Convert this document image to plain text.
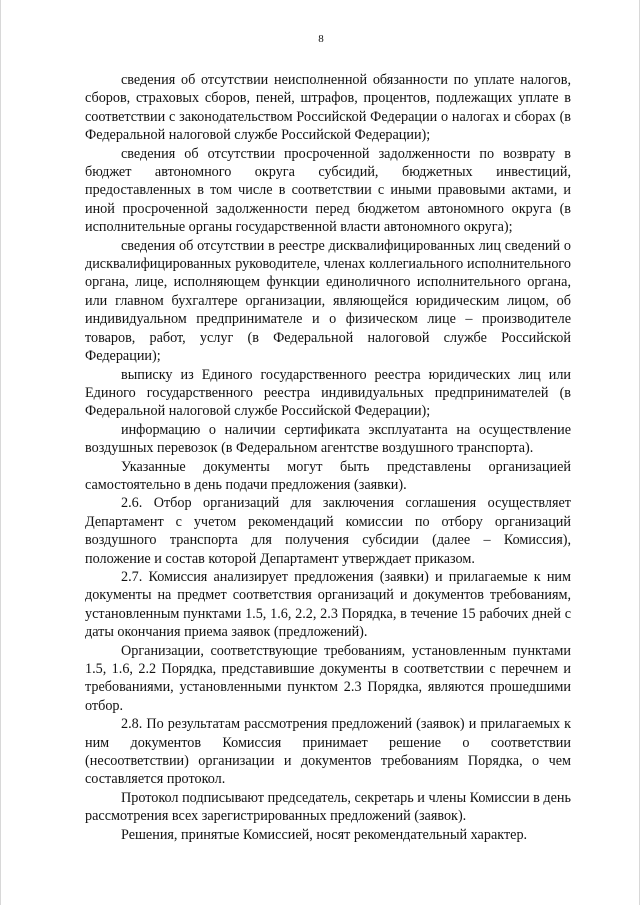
8

сведения об отсутствии неисполненной обязанности по уплате налогов, сборов, страховых сборов, пеней, штрафов, процентов, подлежащих уплате в соответствии с законодательством Российской Федерации о налогах и сборах (в Федеральной налоговой службе Российской Федерации);

сведения об отсутствии просроченной задолженности по возврату в бюджет автономного округа субсидий, бюджетных инвестиций, предоставленных в том числе в соответствии с иными правовыми актами, и иной просроченной задолженности перед бюджетом автономного округа (в исполнительные органы государственной власти автономного округа);

сведения об отсутствии в реестре дисквалифицированных лиц сведений о дисквалифицированных руководителе, членах коллегиального исполнительного органа, лице, исполняющем функции единоличного исполнительного органа, или главном бухгалтере организации, являющейся юридическим лицом, об индивидуальном предпринимателе и о физическом лице – производителе товаров, работ, услуг (в Федеральной налоговой службе Российской Федерации);

выписку из Единого государственного реестра юридических лиц или Единого государственного реестра индивидуальных предпринимателей (в Федеральной налоговой службе Российской Федерации);

информацию о наличии сертификата эксплуатанта на осуществление воздушных перевозок (в Федеральном агентстве воздушного транспорта).

Указанные документы могут быть представлены организацией самостоятельно в день подачи предложения (заявки).

2.6. Отбор организаций для заключения соглашения осуществляет Департамент с учетом рекомендаций комиссии по отбору организаций воздушного транспорта для получения субсидии (далее – Комиссия), положение и состав которой Департамент утверждает приказом.

2.7. Комиссия анализирует предложения (заявки) и прилагаемые к ним документы на предмет соответствия организаций и документов требованиям, установленным пунктами 1.5, 1.6, 2.2, 2.3 Порядка, в течение 15 рабочих дней с даты окончания приема заявок (предложений).

Организации, соответствующие требованиям, установленным пунктами 1.5, 1.6, 2.2 Порядка, представившие документы в соответствии с перечнем и требованиями, установленными пунктом 2.3 Порядка, являются прошедшими отбор.

2.8. По результатам рассмотрения предложений (заявок) и прилагаемых к ним документов Комиссия принимает решение о соответствии (несоответствии) организации и документов требованиям Порядка, о чем составляется протокол.

Протокол подписывают председатель, секретарь и члены Комиссии в день рассмотрения всех зарегистрированных предложений (заявок).

Решения, принятые Комиссией, носят рекомендательный характер.
